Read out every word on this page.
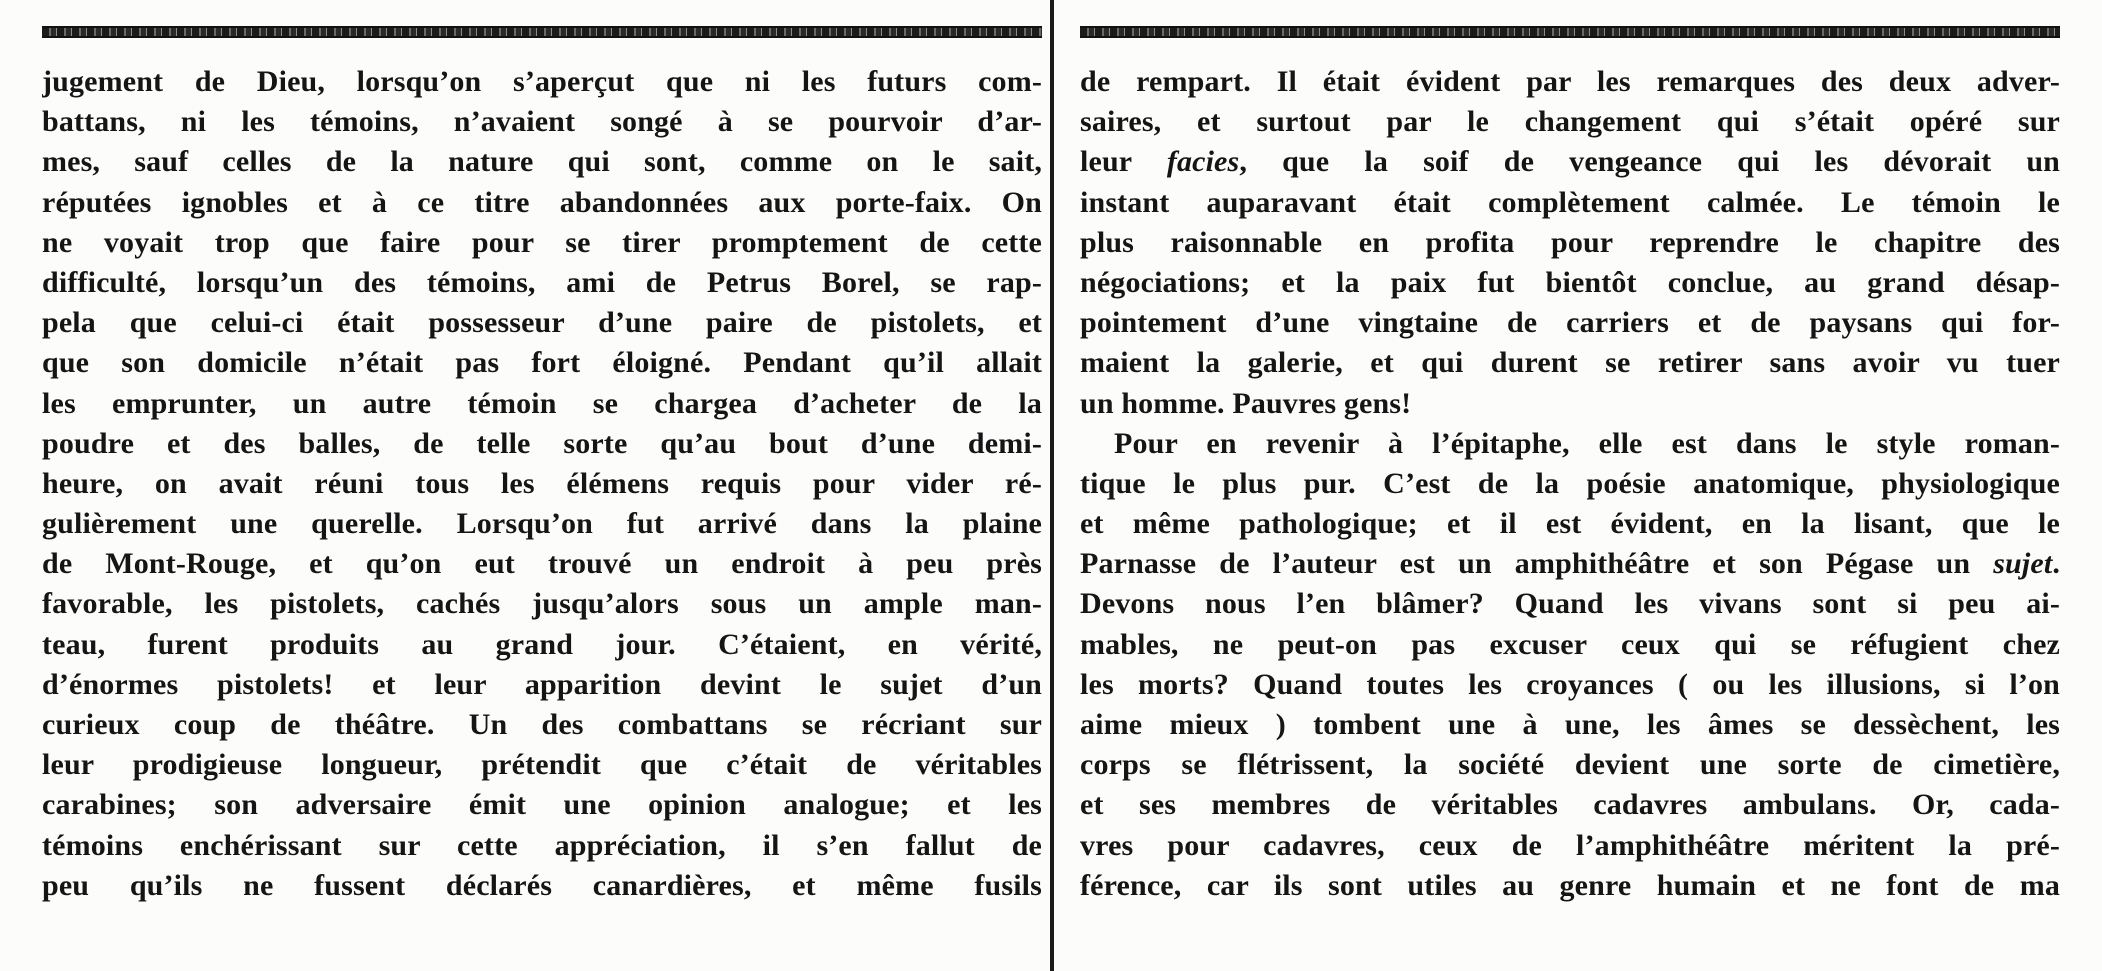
jugement de Dieu, lorsqu’on s’aperçut que ni les futurs com-
battans, ni les témoins, n’avaient songé à se pourvoir d’ar-
mes, sauf celles de la nature qui sont, comme on le sait,
réputées ignobles et à ce titre abandonnées aux porte-faix. On
ne voyait trop que faire pour se tirer promptement de cette
difficulté, lorsqu’un des témoins, ami de Petrus Borel, se rap-
pela que celui-ci était possesseur d’une paire de pistolets, et
que son domicile n’était pas fort éloigné. Pendant qu’il allait
les emprunter, un autre témoin se chargea d’acheter de la
poudre et des balles, de telle sorte qu’au bout d’une demi-
heure, on avait réuni tous les élémens requis pour vider ré-
gulièrement une querelle. Lorsqu’on fut arrivé dans la plaine
de Mont-Rouge, et qu’on eut trouvé un endroit à peu près
favorable, les pistolets, cachés jusqu’alors sous un ample man-
teau, furent produits au grand jour. C’étaient, en vérité,
d’énormes pistolets! et leur apparition devint le sujet d’un
curieux coup de théâtre. Un des combattans se récriant sur
leur prodigieuse longueur, prétendit que c’était de véritables
carabines; son adversaire émit une opinion analogue; et les
témoins enchérissant sur cette appréciation, il s’en fallut de
peu qu’ils ne fussent déclarés canardières, et même fusils
de rempart. Il était évident par les remarques des deux adver-
saires, et surtout par le changement qui s’était opéré sur
leur facies, que la soif de vengeance qui les dévorait un
instant auparavant était complètement calmée. Le témoin le
plus raisonnable en profita pour reprendre le chapitre des
négociations; et la paix fut bientôt conclue, au grand désap-
pointement d’une vingtaine de carriers et de paysans qui for-
maient la galerie, et qui durent se retirer sans avoir vu tuer
un homme. Pauvres gens!
Pour en revenir à l’épitaphe, elle est dans le style roman-
tique le plus pur. C’est de la poésie anatomique, physiologique
et même pathologique; et il est évident, en la lisant, que le
Parnasse de l’auteur est un amphithéâtre et son Pégase un sujet.
Devons nous l’en blâmer? Quand les vivans sont si peu ai-
mables, ne peut-on pas excuser ceux qui se réfugient chez
les morts? Quand toutes les croyances ( ou les illusions, si l’on
aime mieux ) tombent une à une, les âmes se dessèchent, les
corps se flétrissent, la société devient une sorte de cimetière,
et ses membres de véritables cadavres ambulans. Or, cada-
vres pour cadavres, ceux de l’amphithéâtre méritent la pré-
férence, car ils sont utiles au genre humain et ne font de ma
